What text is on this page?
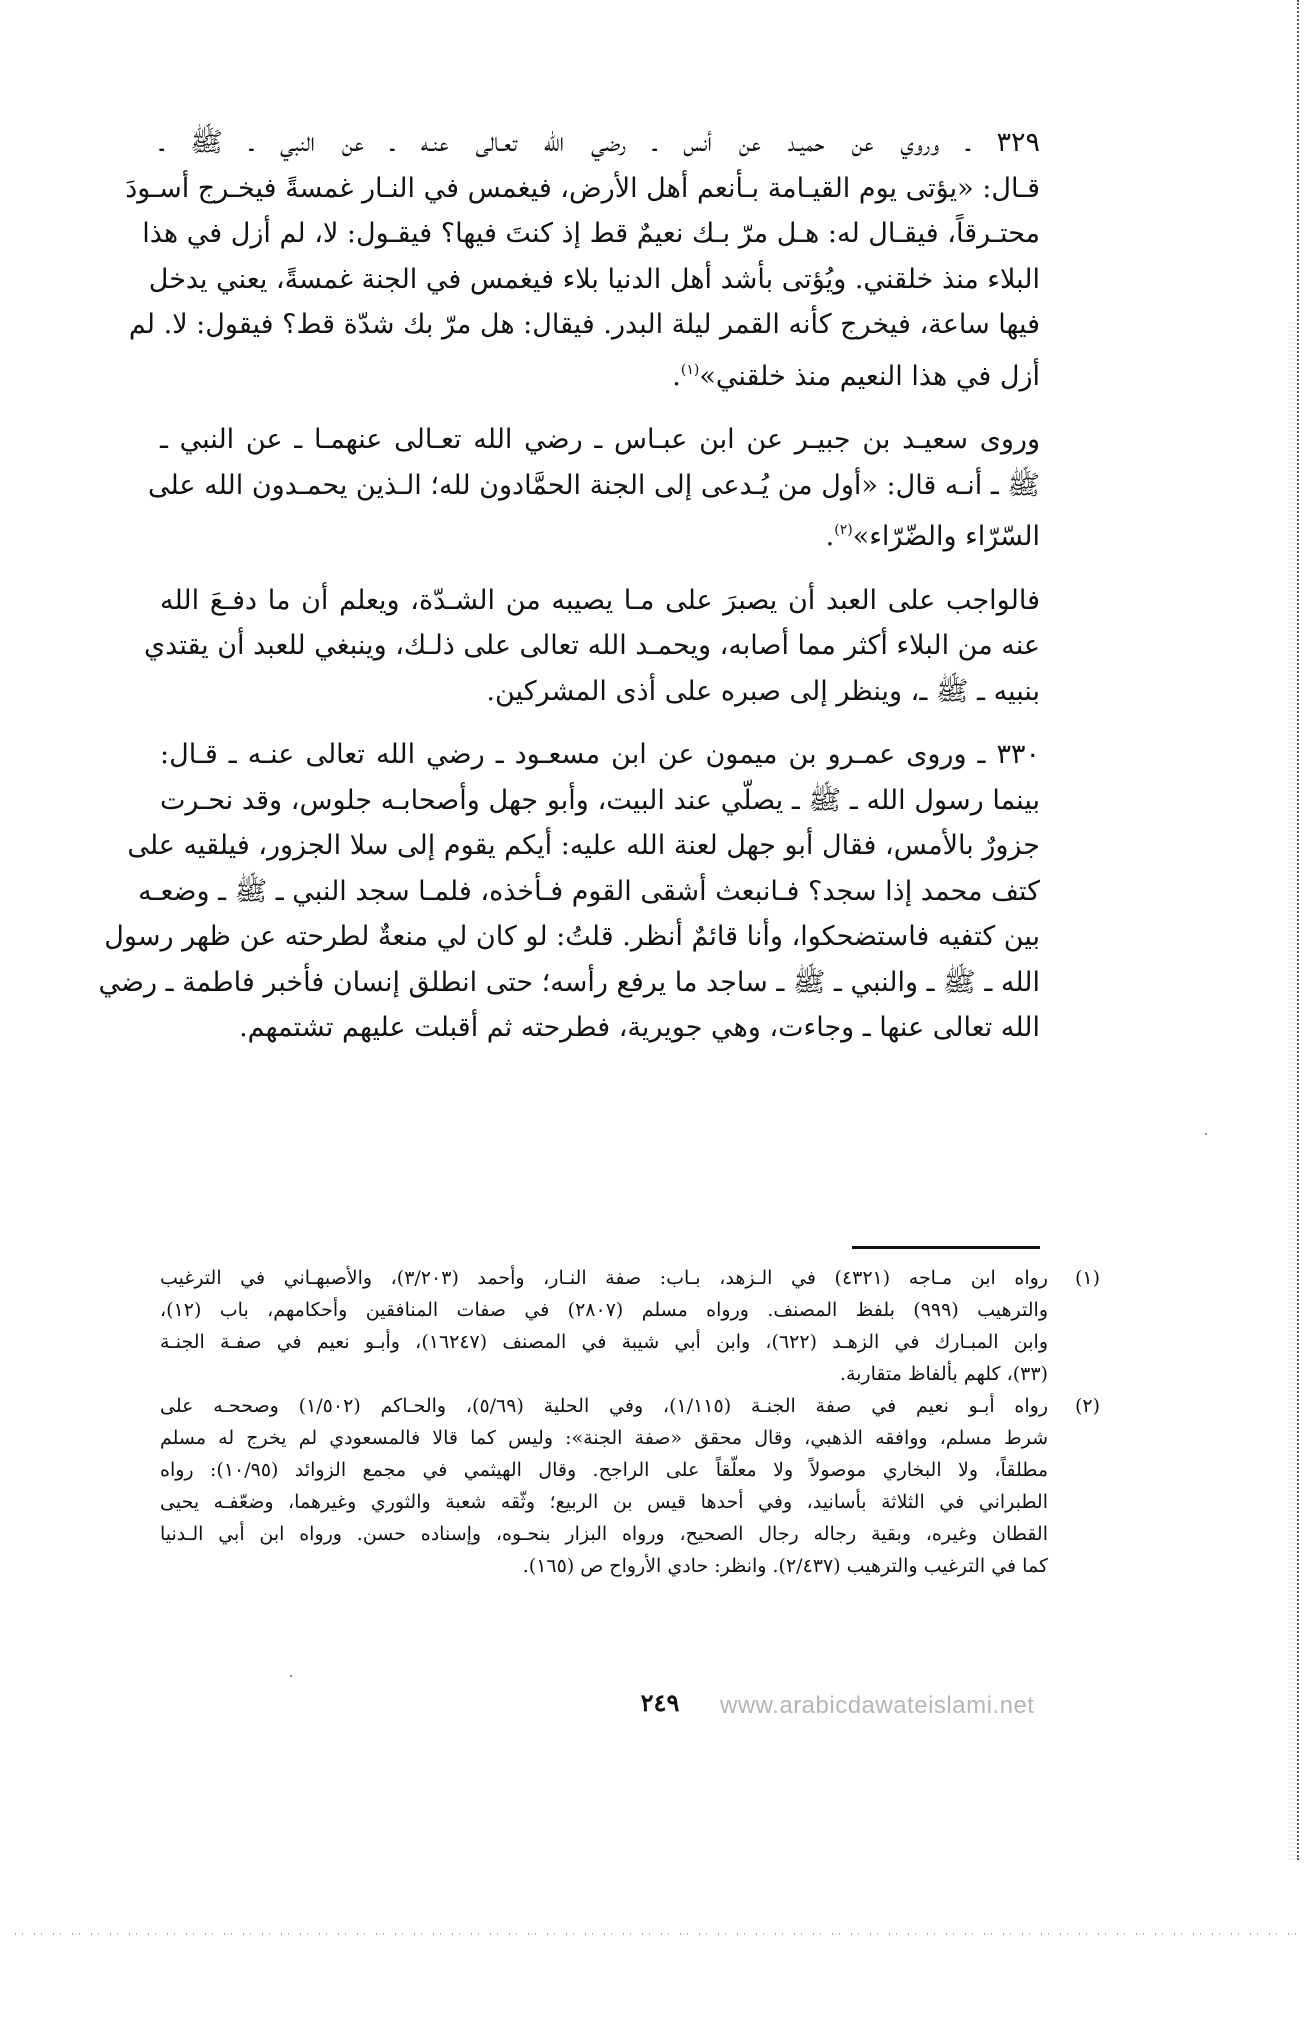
٣٢٩ ـ وروي عن حميـد عن أنس ـ رضي الله تعـالى عنـه ـ عن النبي ـ ﷺ ـ
قـال: «يؤتى يوم القيـامة بـأنعم أهل الأرض، فيغمس في النـار غمسةً فيخـرج أسـودَ
محتـرقاً، فيقـال له: هـل مرّ بـك نعيمٌ قط إذ كنتَ فيها؟ فيقـول: لا، لم أزل في هذا
البلاء منذ خلقني. ويُؤتى بأشد أهل الدنيا بلاء فيغمس في الجنة غمسةً، يعني يدخل
فيها ساعة، فيخرج كأنه القمر ليلة البدر. فيقال: هل مرّ بك شدّة قط؟ فيقول: لا. لم
أزل في هذا النعيم منذ خلقني»$^{(١)}$.
وروى سعيـد بن جبيـر عن ابن عبـاس ـ رضي الله تعـالى عنهمـا ـ عن النبي ـ
ﷺ ـ أنـه قال: «أول من يُـدعى إلى الجنة الحمَّادون لله؛ الـذين يحمـدون الله على
السّرّاء والضّرّاء»$^{(٢)}$.
فالواجب على العبد أن يصبرَ على مـا يصيبه من الشـدّة، ويعلم أن ما دفـعَ الله
عنه من البلاء أكثر مما أصابه، ويحمـد الله تعالى على ذلـك، وينبغي للعبد أن يقتدي
بنبيه ـ ﷺ ـ، وينظر إلى صبره على أذى المشركين.
٣٣٠ ـ وروى عمـرو بن ميمون عن ابن مسعـود ـ رضي الله تعالى عنـه ـ قـال:
بينما رسول الله ـ ﷺ ـ يصلّي عند البيت، وأبو جهل وأصحابـه جلوس، وقد نحـرت
جزورٌ بالأمس، فقال أبو جهل لعنة الله عليه: أيكم يقوم إلى سلا الجزور، فيلقيه على
كتف محمد إذا سجد؟ فـانبعث أشقى القوم فـأخذه، فلمـا سجد النبي ـ ﷺ ـ وضعـه
بين كتفيه فاستضحكوا، وأنا قائمٌ أنظر. قلتُ: لو كان لي منعةٌ لطرحته عن ظهر رسول
الله ـ ﷺ ـ والنبي ـ ﷺ ـ ساجد ما يرفع رأسه؛ حتى انطلق إنسان فأخبر فاطمة ـ رضي
الله تعالى عنها ـ وجاءت، وهي جويرية، فطرحته ثم أقبلت عليهم تشتمهم.
(١)
رواه ابن مـاجه (٤٣٢١) في الـزهد، بـاب: صفة النـار، وأحمد (٣/٢٠٣)، والأصبهـاني في الترغيب
والترهيب (٩٩٩) بلفظ المصنف. ورواه مسلم (٢٨٠٧) في صفات المنافقين وأحكامهم، باب (١٢)،
وابن المبـارك في الزهـد (٦٢٢)، وابن أبي شيبة في المصنف (١٦٢٤٧)، وأبـو نعيم في صفـة الجنـة
(٣٣)، كلهم بألفاظ متقاربة.
(٢)
رواه أبـو نعيم في صفة الجنـة (١/١١٥)، وفي الحلية (٥/٦٩)، والحـاكم (١/٥٠٢) وصححـه على
شرط مسلم، ووافقه الذهبي، وقال محقق «صفة الجنة»: وليس كما قالا فالمسعودي لم يخرج له مسلم
مطلقاً، ولا البخاري موصولاً ولا معلّقاً على الراجح. وقال الهيثمي في مجمع الزوائد (١٠/٩٥): رواه
الطبراني في الثلاثة بأسانيد، وفي أحدها قيس بن الربيع؛ وثّقه شعبة والثوري وغيرهما، وضعّفـه يحيى
القطان وغيره، وبقية رجاله رجال الصحيح، ورواه البزار بنحـوه، وإسناده حسن. ورواه ابن أبي الـدنيا
كما في الترغيب والترهيب (٢/٤٣٧). وانظر: حادي الأرواح ص (١٦٥).
٢٤٩	www.arabicdawateislami.net
